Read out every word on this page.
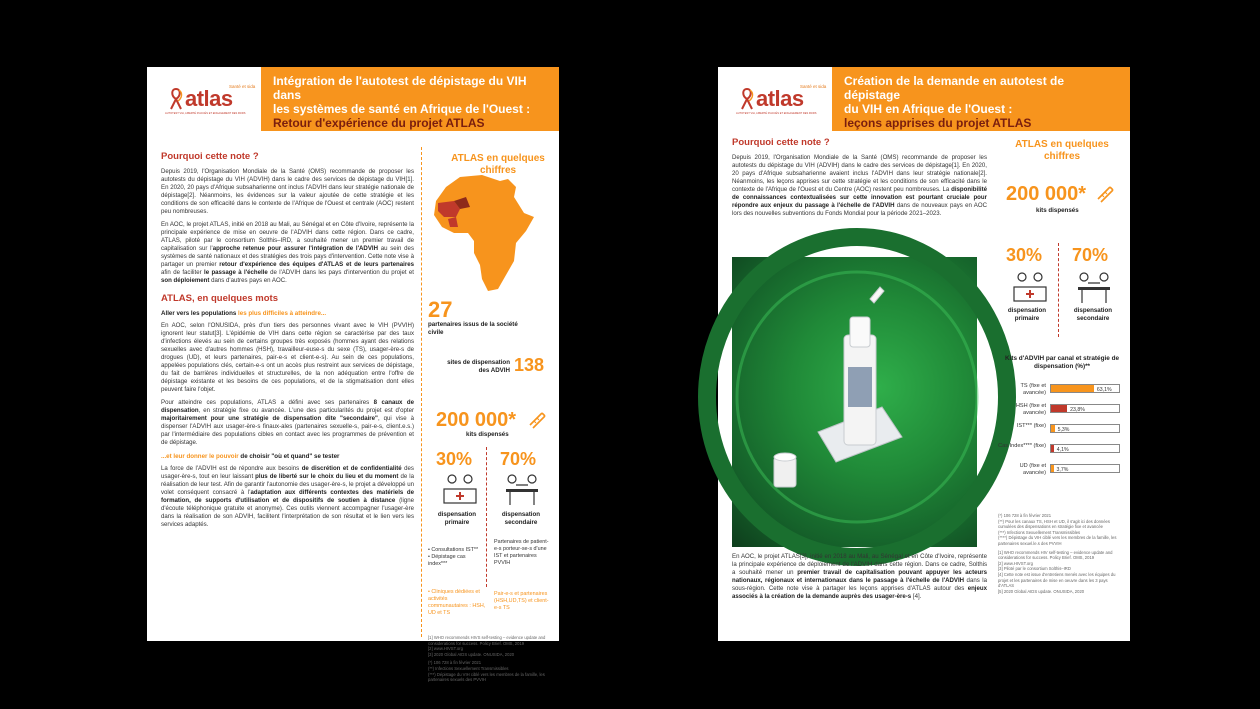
atlas
Santé et sida
AUTOTEST VIH, LIBERTÉ D'ACCÈS ET ENGAGEMENT DES PAIRS
Intégration de l'autotest de dépistage du VIH dans
les systèmes de santé en Afrique de l'Ouest :
Retour d'expérience du projet ATLAS
Pourquoi cette note ?

Depuis 2019, l'Organisation Mondiale de la Santé (OMS) recommande de proposer les autotests du dépistage du VIH (ADVIH) dans le cadre des services de dépistage du VIH[1]. En 2020, 20 pays d'Afrique subsaharienne ont inclus l'ADVIH dans leur stratégie nationale de dépistage[2]. Néanmoins, les évidences sur la valeur ajoutée de cette stratégie et les conditions de son efficacité dans le contexte de l'Afrique de l'Ouest et centrale (AOC) restent peu nombreuses.

En AOC, le projet ATLAS, initié en 2018 au Mali, au Sénégal et en Côte d'Ivoire, représente la principale expérience de mise en oeuvre de l'ADVIH dans cette région. Dans ce cadre, ATLAS, piloté par le consortium Solthis–IRD, a souhaité mener un premier travail de capitalisation sur l'approche retenue pour assurer l'intégration de l'ADVIH au sein des systèmes de santé nationaux et des stratégies des trois pays d'intervention. Cette note vise à partager un premier retour d'expérience des équipes d'ATLAS et de leurs partenaires afin de faciliter le passage à l'échelle de l'ADVIH dans les pays d'intervention du projet et son déploiement dans d'autres pays en AOC.

ATLAS, en quelques mots
Aller vers les populations les plus difficiles à atteindre...

En AOC, selon l'ONUSIDA, près d'un tiers des personnes vivant avec le VIH (PVVIH) ignorent leur statut[3]. L'épidémie de VIH dans cette région se caractérise par des taux d'infections élevés au sein de certains groupes très exposés (hommes ayant des relations sexuelles avec d'autres hommes (HSH), travailleur-euse-s du sexe (TS), usager-ère-s de drogues (UD), et leurs partenaires, pair-e-s et client-e-s). Au sein de ces populations, appelées populations clés, certain-e-s ont un accès plus restreint aux services de dépistage, du fait de barrières individuelles et structurelles, de la non adéquation entre l'offre de dépistage existante et les besoins de ces populations, et de la stigmatisation dont elles peuvent faire l'objet.

Pour atteindre ces populations, ATLAS a défini avec ses partenaires 8 canaux de dispensation, en stratégie fixe ou avancée. L'une des particularités du projet est d'opter majoritairement pour une stratégie de dispensation dite "secondaire", qui vise à dispenser l'ADVIH aux usager-ère-s finaux-ales (partenaires sexuelle-s, pair-e-s, client.e.s.) par l'intermédiaire des populations cibles en contact avec les programmes de prévention et de dépistage.

...et leur donner le pouvoir de choisir "où et quand" se tester

La force de l'ADVIH est de répondre aux besoins de discrétion et de confidentialité des usager-ère-s, tout en leur laissant plus de liberté sur le choix du lieu et du moment de la réalisation de leur test. Afin de garantir l'autonomie des usager-ère-s, le projet a développé un volet conséquent consacré à l'adaptation aux différents contextes des matériels de formation, de supports d'utilisation et de dispositifs de soutien à distance (ligne d'écoute téléphonique gratuite et anonyme). Ces outils viennent accompagner l'usager-ère dans la réalisation de son ADVIH, facilitent l'interprétation de son résultat et le lien vers les services adaptés.

ATLAS en quelques chiffres
27
partenaires issus de la société civile
sites de dispensation des ADVIH 138
200 000*
kits dispensés
30% 70%
dispensation primaire
dispensation secondaire
• Consultations IST**
• Dépistage cas
index***
Partenaires de patient-e-s porteur-se-s d'une IST et partenaires PVVIH
• Cliniques dédiées et activités communautaires : HSH, UD et TS
Pair-e-s et partenaires (HSH,UD,TS) et client-e-s TS
[1] WHO recommends HIVS self-testing – evidence update and considerations for success. Policy Brief. OMS, 2019
[2] www.HIVST.org
[3] 2020 Global AIDS update. ONUSIDA, 2020
(*) 106 728 à fin février 2021
(**) Infections Sexuellement Transmissibles
(***) Dépistage du VIH ciblé vers les membres de la famille, les partenaires sexuels des PVVIH
atlas
Santé et sida
AUTOTEST VIH, LIBERTÉ D'ACCÈS ET ENGAGEMENT DES PAIRS
Création de la demande en autotest de dépistage
du VIH en Afrique de l'Ouest :
leçons apprises du projet ATLAS
Pourquoi cette note ?

Depuis 2019, l'Organisation Mondiale de la Santé (OMS) recommande de proposer les autotests du dépistage du VIH (ADVIH) dans le cadre des services de dépistage[1]. En 2020, 20 pays d'Afrique subsaharienne avaient inclus l'ADVIH dans leur stratégie nationale[2]. Néanmoins, les leçons apprises sur cette stratégie et les conditions de son efficacité dans le contexte de l'Afrique de l'Ouest et du Centre (AOC) restent peu nombreuses. La disponibilité de connaissances contextualisées sur cette innovation est pourtant cruciale pour répondre aux enjeux du passage à l'échelle de l'ADVIH dans de nouveaux pays en AOC lors des nouvelles subventions du Fonds Mondial pour la période 2021–2023.

En AOC, le projet ATLAS[3], initié en 2018 au Mali, au Sénégal et en Côte d'Ivoire, représente la principale expérience de déploiement de l'ADVIH dans cette région. Dans ce cadre, Solthis a souhaité mener un premier travail de capitalisation pouvant appuyer les acteurs nationaux, régionaux et internationaux dans le passage à l'échelle de l'ADVIH dans la sous-région. Cette note vise à partager les leçons apprises d'ATLAS autour des enjeux associés à la création de la demande auprès des usager-ère-s [4].

ATLAS en quelques chiffres
200 000*
kits dispensés
30% 70%
dispensation primaire
dispensation secondaire
Kits d'ADVIH par canal et stratégie de dispensation (%)**
TS (fixe et avancée)	63,1%
HSH (fixe et avancée)	23,8%
IST*** (fixe)
5,3%
Cas Index**** (fixe)
4,1%
UD (fixe et avancée) 3,7%
(*) 106 728 à fin février 2021
(**) Pour les canaux TS, HSH et UD, il s'agit ici des données cumulées des dispensations en stratégie fixe et avancée
(***) Infections Sexuellement Transmissibles
(****) Dépistage du VIH ciblé vers les membres de la famille, les partenaires sexuel.le.s des PVVIH
[1] WHO recommends HIV self-testing – evidence update and considerations for success. Policy Brief. OMS, 2019
[2] www.HIVST.org
[3] Piloté par le consortium Solthis–IRD
[4] Cette note est issue d'entretiens menés avec les équipes du projet et les partenaires de mise en oeuvre dans les 3 pays d'ATLAS
[5] 2020 Global AIDS update. ONUSIDA, 2020
